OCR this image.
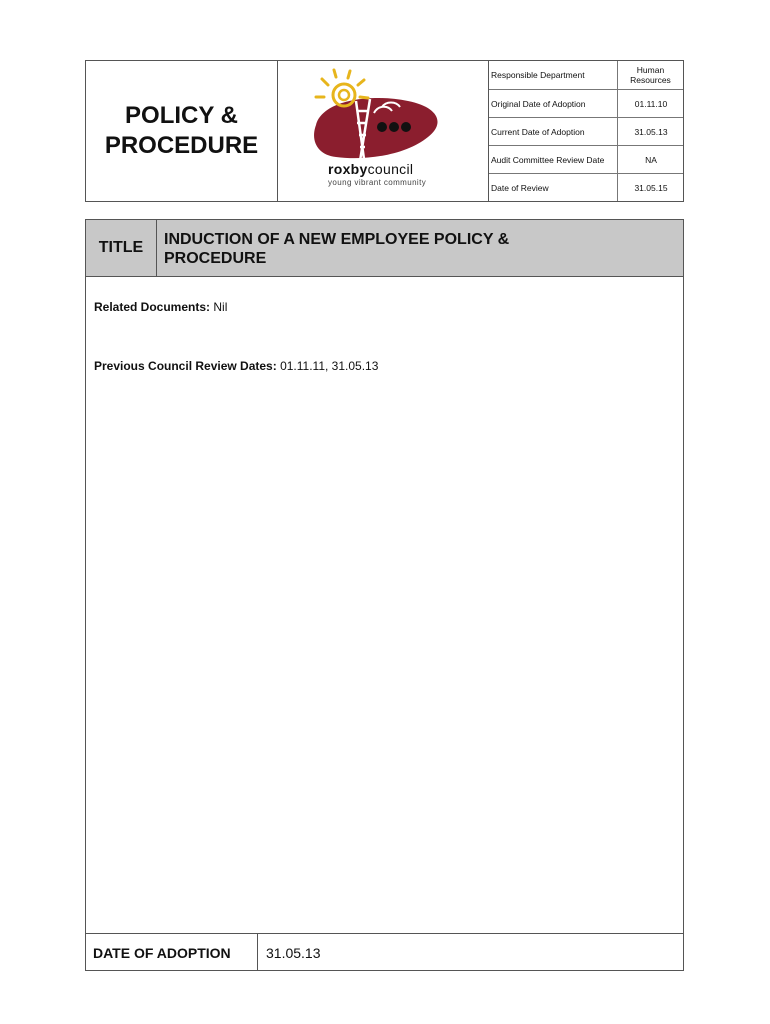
POLICY &
PROCEDURE
roxbycouncil
young vibrant community
Responsible Department	Human Resources
Original Date of Adoption	01.11.10
Current Date of Adoption	31.05.13
Audit Committee Review Date	NA
Date of Review	31.05.15
TITLE	INDUCTION OF A NEW EMPLOYEE POLICY &
PROCEDURE
Related Documents: Nil
Previous Council Review Dates: 01.11.11, 31.05.13
DATE OF ADOPTION	31.05.13
